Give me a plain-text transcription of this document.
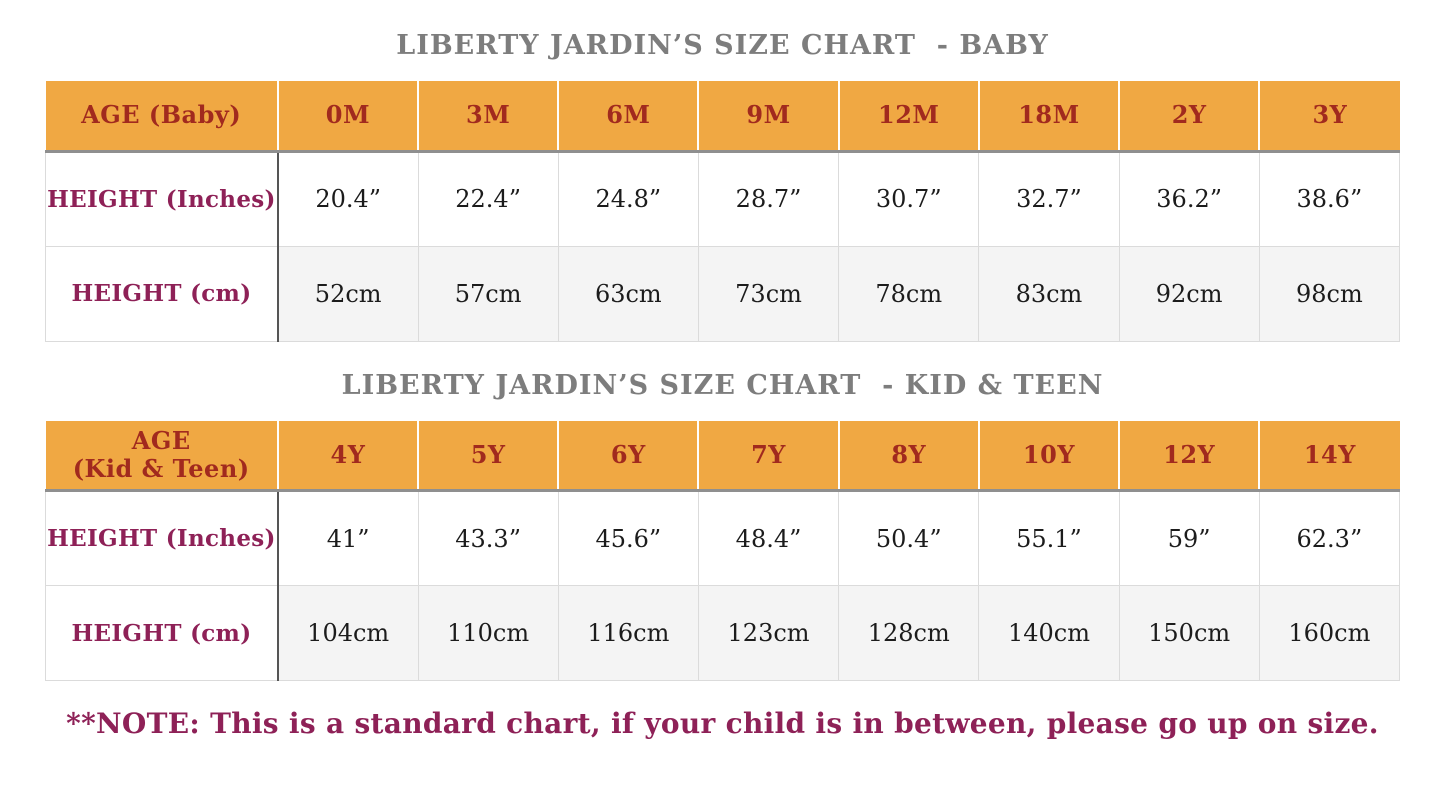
LIBERTY JARDIN’S SIZE CHART  - BABY
AGE (Baby)	0M	3M	6M	9M	12M	18M	2Y	3Y
HEIGHT (Inches)	20.4”	22.4”	24.8”	28.7”	30.7”	32.7”	36.2”	38.6”
HEIGHT (cm)	52cm	57cm	63cm	73cm	78cm	83cm	92cm	98cm
LIBERTY JARDIN’S SIZE CHART  - KID & TEEN
AGE
(Kid & Teen)	4Y	5Y	6Y	7Y	8Y	10Y	12Y	14Y
HEIGHT (Inches)	41”	43.3”	45.6”	48.4”	50.4”	55.1”	59”	62.3”
HEIGHT (cm)	104cm	110cm	116cm	123cm	128cm	140cm	150cm	160cm
**NOTE: This is a standard chart, if your child is in between, please go up on size.
